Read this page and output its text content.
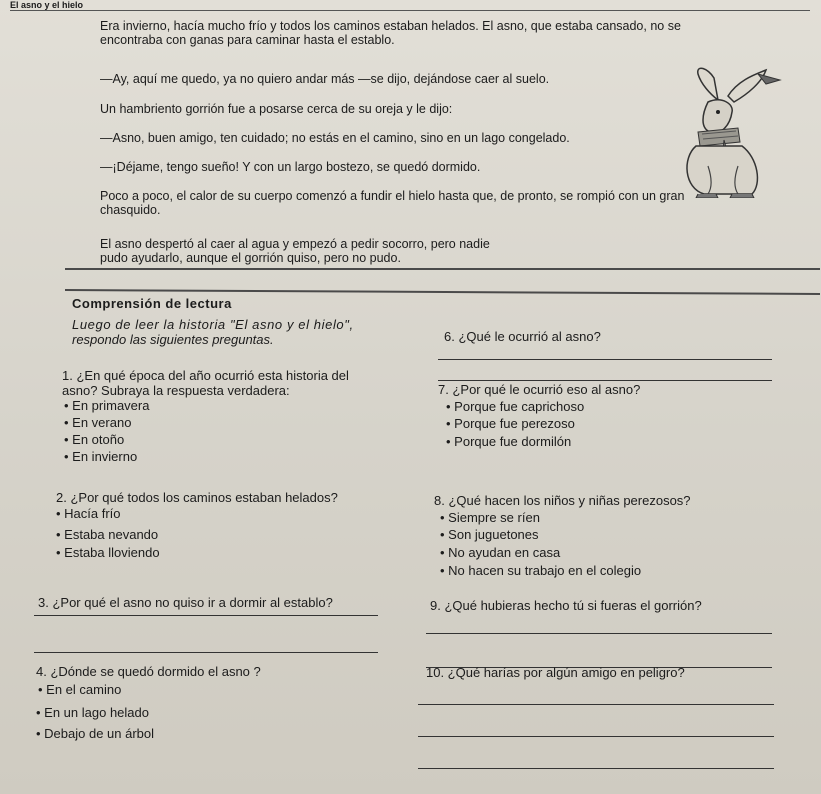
El asno y el hielo
Era invierno, hacía mucho frío y todos los caminos estaban helados. El asno, que estaba cansado, no se
encontraba con ganas para caminar hasta el establo.
—Ay, aquí me quedo, ya no quiero andar más —se dijo, dejándose caer al suelo.
Un hambriento gorrión fue a posarse cerca de su oreja y le dijo:
—Asno, buen amigo, ten cuidado; no estás en el camino, sino en un lago congelado.
—¡Déjame, tengo sueño! Y con un largo bostezo, se quedó dormido.
Poco a poco, el calor de su cuerpo comenzó a fundir el hielo hasta que, de pronto, se rompió con un gran
chasquido.
El asno despertó al caer al agua y empezó a pedir socorro, pero nadie
pudo ayudarlo, aunque el gorrión quiso, pero no pudo.
Comprensión de lectura
Luego de leer la historia "El asno y el hielo",
respondo las siguientes preguntas.
1. ¿En qué época del año ocurrió esta historia del
asno? Subraya la respuesta verdadera:
• En primavera
• En verano
• En otoño
• En invierno
2. ¿Por qué todos los caminos estaban helados?
• Hacía frío
• Estaba nevando
• Estaba lloviendo
3. ¿Por qué el asno no quiso ir a dormir al establo?
4. ¿Dónde se quedó dormido el asno ?
• En el camino
• En un lago helado
• Debajo de un árbol
6. ¿Qué le ocurrió al asno?
7. ¿Por qué le ocurrió eso al asno?
• Porque fue caprichoso
• Porque fue perezoso
• Porque fue dormilón
8. ¿Qué hacen los niños y niñas perezosos?
• Siempre se ríen
• Son juguetones
• No ayudan en casa
• No hacen su trabajo en el colegio
9. ¿Qué hubieras hecho tú si fueras el gorrión?
10. ¿Qué harías por algún amigo en peligro?
